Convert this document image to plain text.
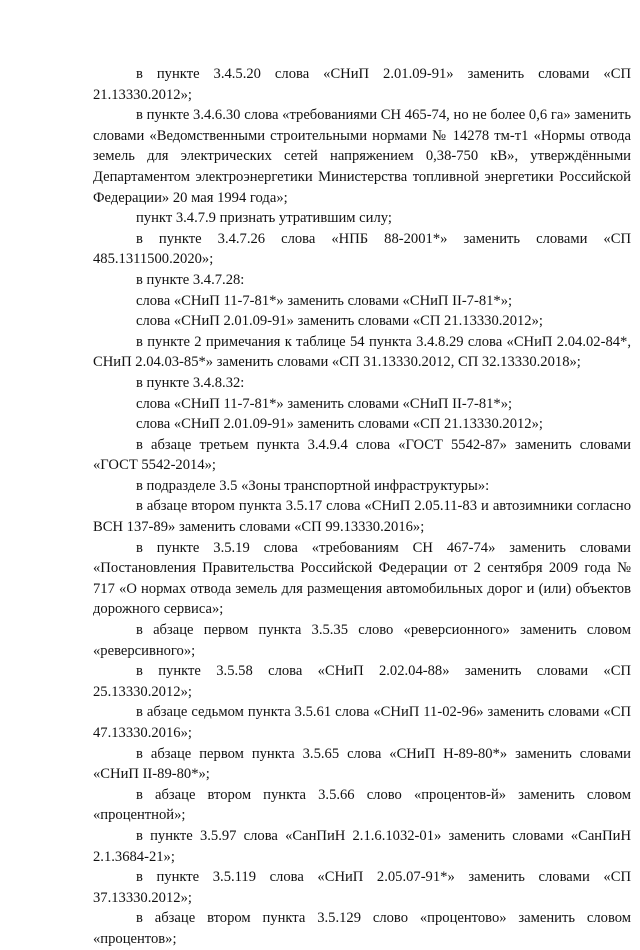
в пункте 3.4.5.20 слова «СНиП 2.01.09-91» заменить словами «СП 21.13330.2012»;

в пункте 3.4.6.30 слова «требованиями СН 465-74, но не более 0,6 га» заменить словами «Ведомственными строительными нормами № 14278 тм-т1 «Нормы отвода земель для электрических сетей напряжением 0,38-750 кВ», утверждёнными Департаментом электроэнергетики Министерства топливной энергетики Российской Федерации» 20 мая 1994 года»;

пункт 3.4.7.9 признать утратившим силу;

в пункте 3.4.7.26 слова «НПБ 88-2001*» заменить словами «СП 485.1311500.2020»;

в пункте 3.4.7.28:

слова «СНиП 11-7-81*» заменить словами «СНиП II-7-81*»;

слова «СНиП 2.01.09-91» заменить словами «СП 21.13330.2012»;

в пункте 2 примечания к таблице 54 пункта 3.4.8.29 слова «СНиП 2.04.02-84*, СНиП 2.04.03-85*» заменить словами «СП 31.13330.2012, СП 32.13330.2018»;

в пункте 3.4.8.32:

слова «СНиП 11-7-81*» заменить словами «СНиП II-7-81*»;

слова «СНиП 2.01.09-91» заменить словами «СП 21.13330.2012»;

в абзаце третьем пункта 3.4.9.4 слова «ГОСТ 5542-87» заменить словами «ГОСТ 5542-2014»;

в подразделе 3.5 «Зоны транспортной инфраструктуры»:

в абзаце втором пункта 3.5.17 слова «СНиП 2.05.11-83 и автозимники согласно ВСН 137-89» заменить словами «СП 99.13330.2016»;

в пункте 3.5.19 слова «требованиям СН 467-74» заменить словами «Постановления Правительства Российской Федерации от 2 сентября 2009 года № 717 «О нормах отвода земель для размещения автомобильных дорог и (или) объектов дорожного сервиса»;

в абзаце первом пункта 3.5.35 слово «реверсионного» заменить словом «реверсивного»;

в пункте 3.5.58 слова «СНиП 2.02.04-88» заменить словами «СП 25.13330.2012»;

в абзаце седьмом пункта 3.5.61 слова «СНиП 11-02-96» заменить словами «СП 47.13330.2016»;

в абзаце первом пункта 3.5.65 слова «СНиП Н-89-80*» заменить словами «СНиП II-89-80*»;

в абзаце втором пункта 3.5.66 слово «процентов-й» заменить словом «процентной»;

в пункте 3.5.97 слова «СанПиН 2.1.6.1032-01» заменить словами «СанПиН 2.1.3684-21»;

в пункте 3.5.119 слова «СНиП 2.05.07-91*» заменить словами «СП 37.13330.2012»;

в абзаце втором пункта 3.5.129 слово «процентово» заменить словом «процентов»;
